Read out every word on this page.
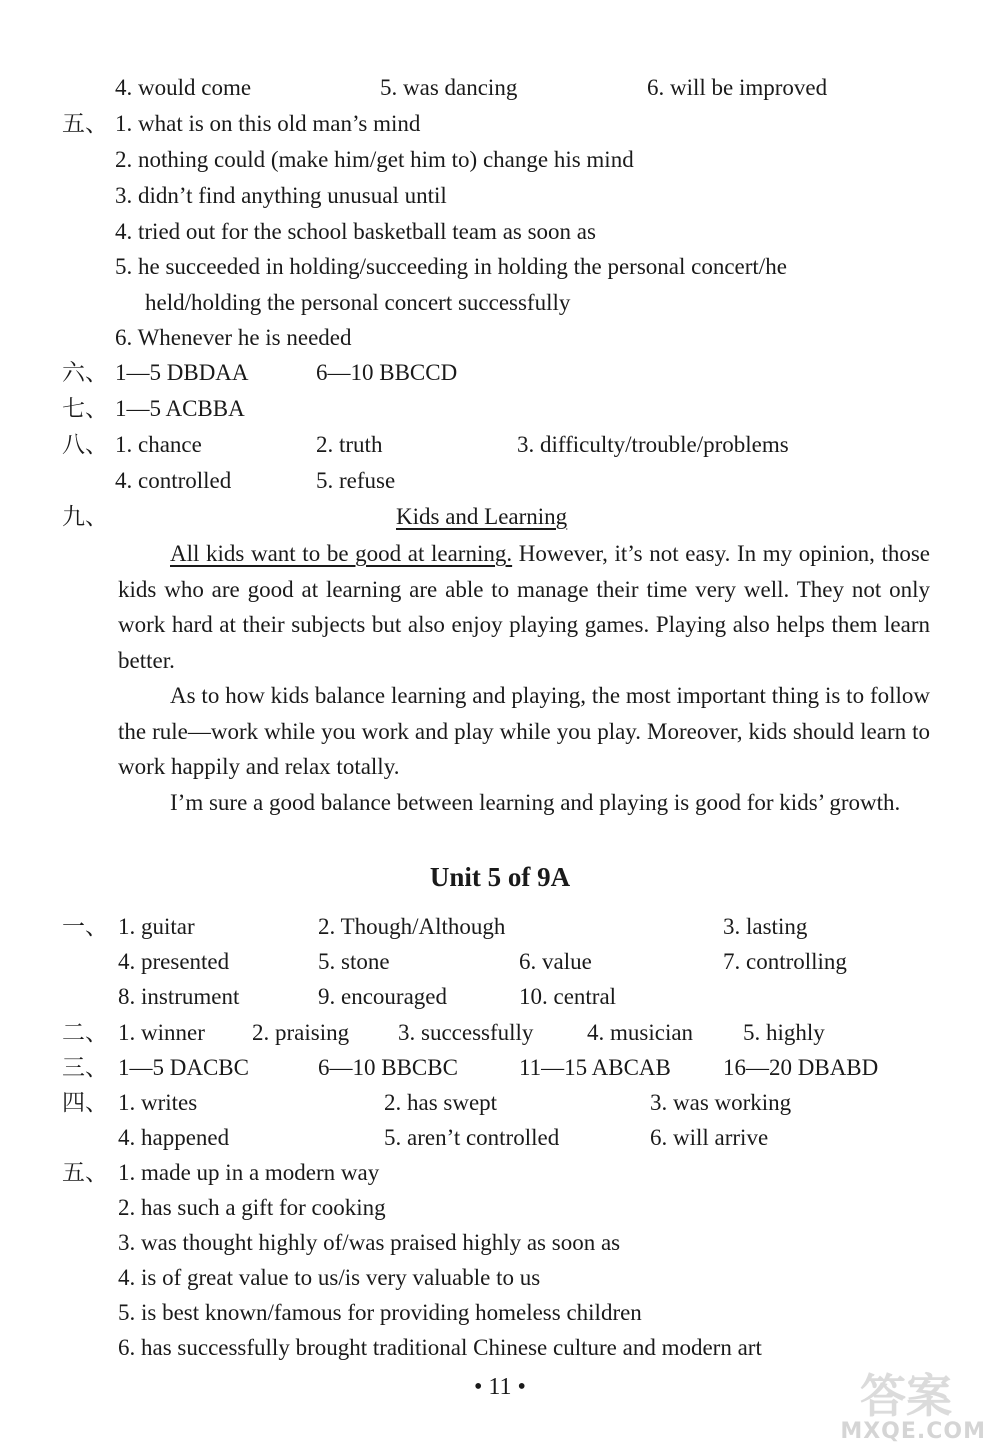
4. would come	5. was dancing	6. will be improved
五、 1. what is on this old man’s mind
2. nothing could (make him/get him to) change his mind
3. didn’t find anything unusual until
4. tried out for the school basketball team as soon as
5. he succeeded in holding/succeeding in holding the personal concert/he
held/holding the personal concert successfully
6. Whenever he is needed
六、 1—5 DBDAA	6—10 BBCCD
七、 1—5 ACBBA
八、 1. chance	2. truth	3. difficulty/trouble/problems
4. controlled	5. refuse
九、	Kids and Learning

All kids want to be good at learning. However, it’s not easy. In my opinion, those kids who are good at learning are able to manage their time very well. They not only work hard at their subjects but also enjoy playing games. Playing also helps them learn better.

As to how kids balance learning and playing, the most important thing is to follow the rule—work while you work and play while you play. Moreover, kids should learn to work happily and relax totally.

I’m sure a good balance between learning and playing is good for kids’ growth.

Unit 5 of 9A
一、 1. guitar	2. Though/Although	3. lasting
4. presented	5. stone	6. value	7. controlling
8. instrument	9. encouraged	10. central
二、 1. winner 2. praising 3. successfully 4. musician 5. highly
三、 1—5 DACBC	6—10 BBCBC	11—15 ABCAB 16—20 DBABD
四、 1. writes	2. has swept	3. was working
4. happened	5. aren’t controlled	6. will arrive
五、 1. made up in a modern way
2. has such a gift for cooking
3. was thought highly of/was praised highly as soon as
4. is of great value to us/is very valuable to us
5. is best known/famous for providing homeless children
6. has successfully brought traditional Chinese culture and modern art
• 11 •	答案
MXQE.COM
